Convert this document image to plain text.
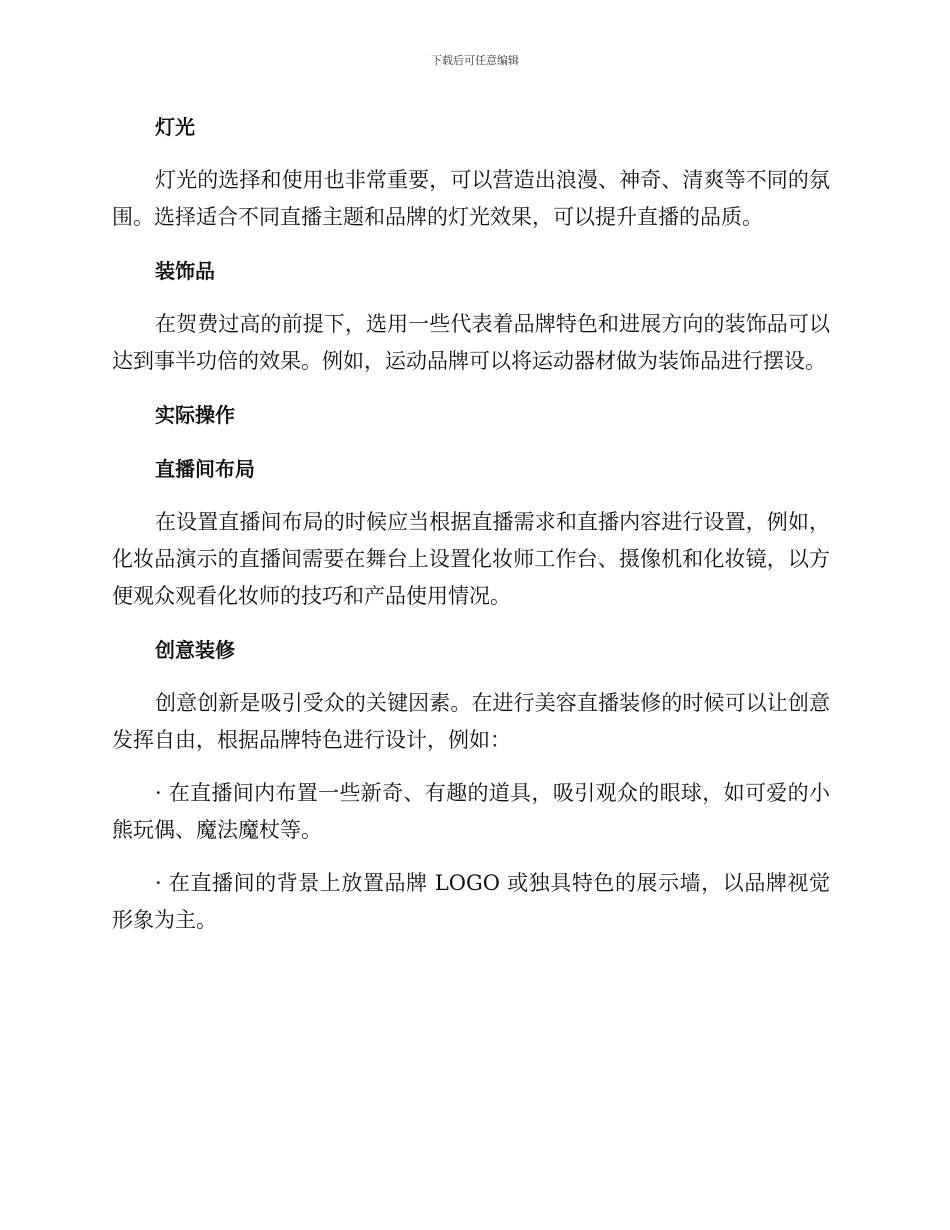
下载后可任意编辑
灯光

灯光的选择和使用也非常重要，可以营造出浪漫、神奇、清爽等不同的氛围。选择适合不同直播主题和品牌的灯光效果，可以提升直播的品质。

装饰品

在贺费过高的前提下，选用一些代表着品牌特色和进展方向的装饰品可以达到事半功倍的效果。例如，运动品牌可以将运动器材做为装饰品进行摆设。

实际操作
直播间布局

在设置直播间布局的时候应当根据直播需求和直播内容进行设置，例如，化妆品演示的直播间需要在舞台上设置化妆师工作台、摄像机和化妆镜，以方便观众观看化妆师的技巧和产品使用情况。

创意装修

创意创新是吸引受众的关键因素。在进行美容直播装修的时候可以让创意发挥自由，根据品牌特色进行设计，例如：

· 在直播间内布置一些新奇、有趣的道具，吸引观众的眼球，如可爱的小熊玩偶、魔法魔杖等。

· 在直播间的背景上放置品牌 LOGO 或独具特色的展示墙，以品牌视觉形象为主。
